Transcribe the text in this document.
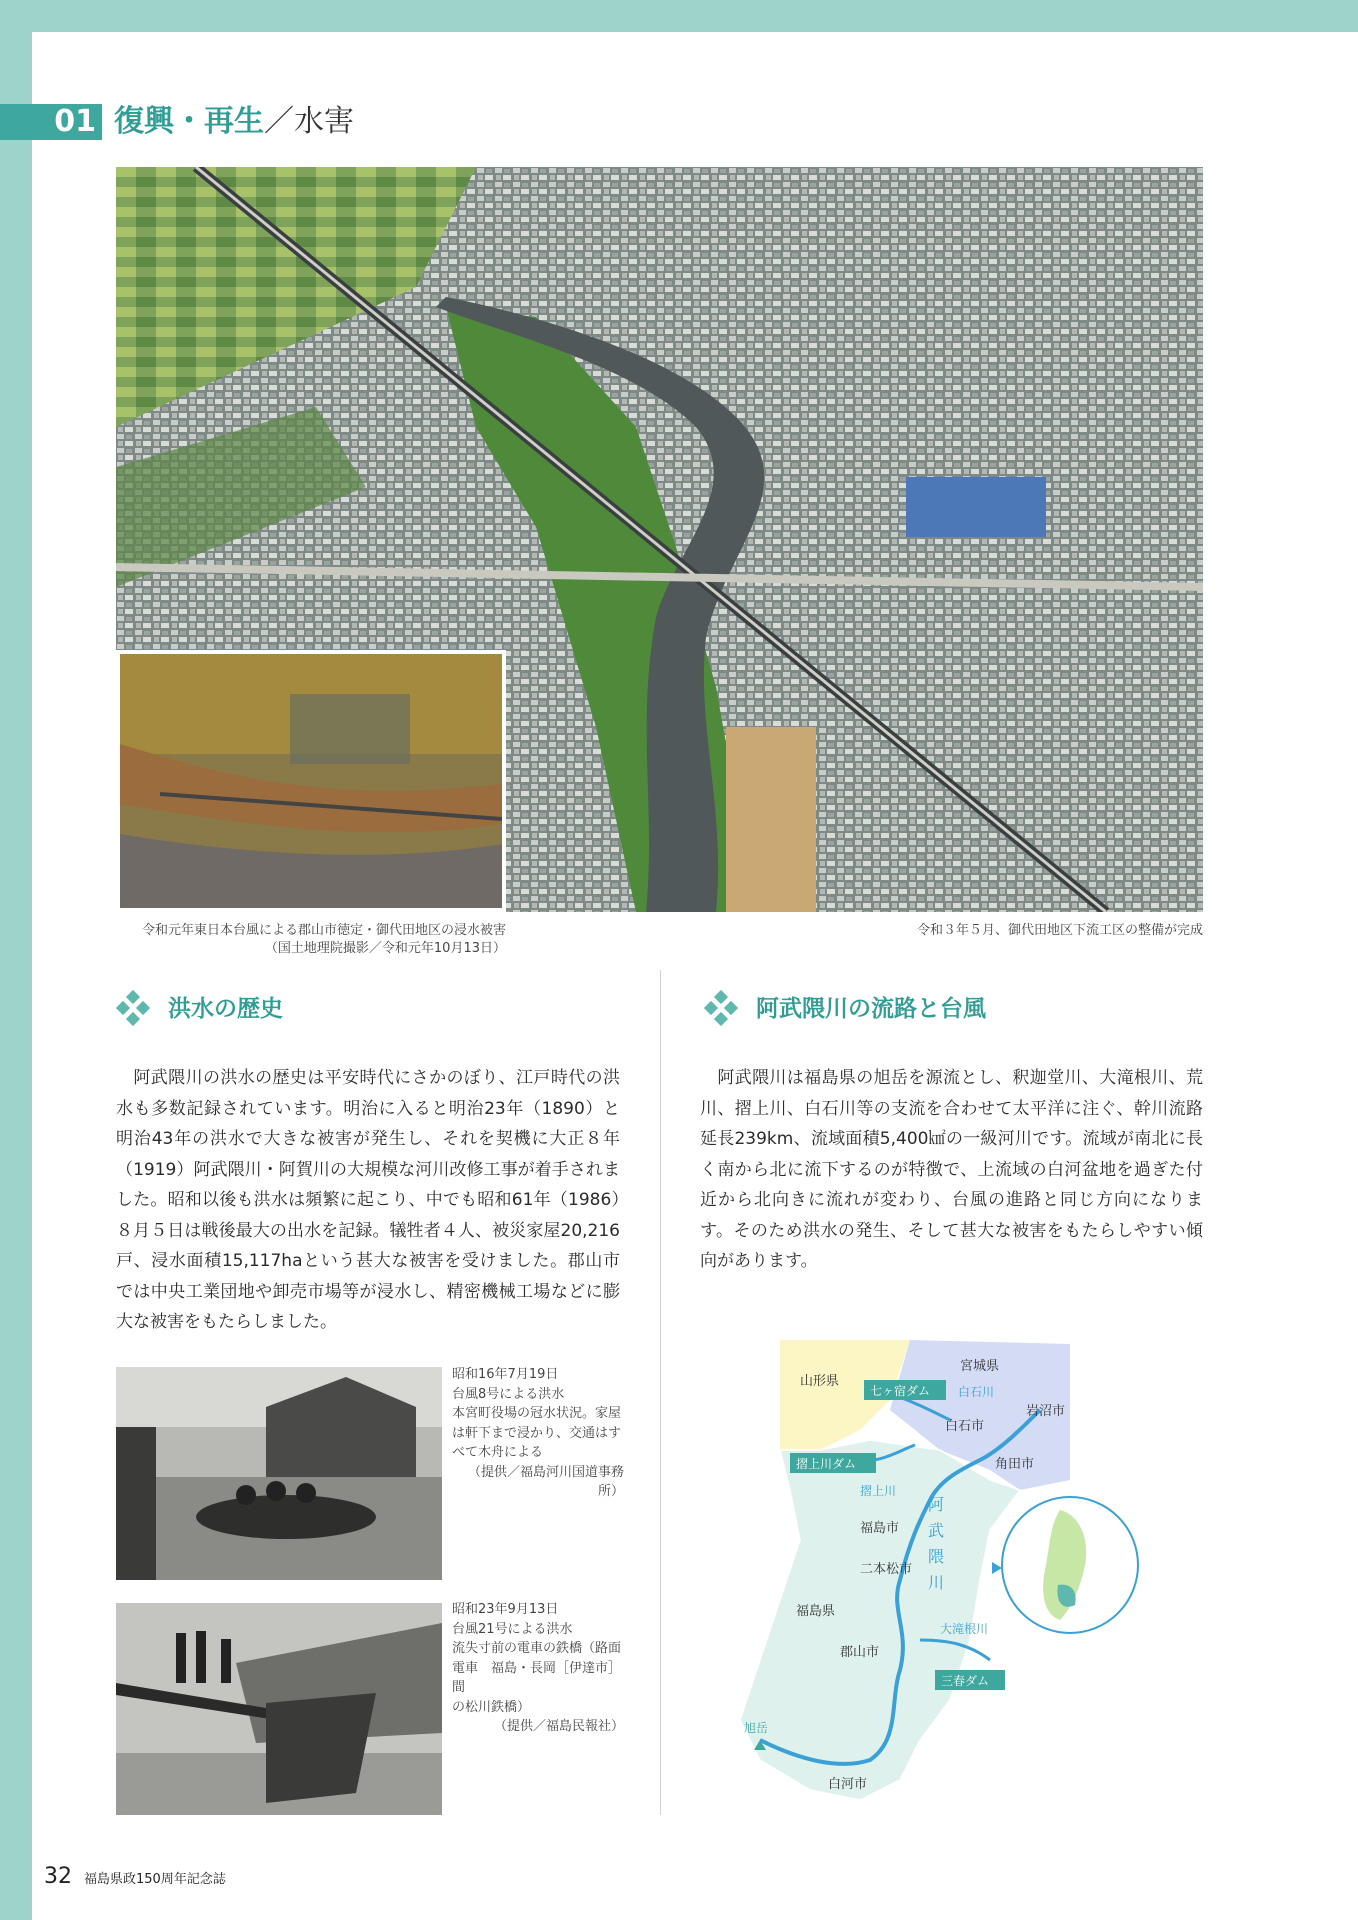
01 復興・再生／水害
令和元年東日本台風による郡山市徳定・御代田地区の浸水被害
（国土地理院撮影／令和元年10月13日）
令和３年５月、御代田地区下流工区の整備が完成
洪水の歴史
　阿武隈川の洪水の歴史は平安時代にさかのぼり、江戸時代の洪水も多数記録されています。明治に入ると明治23年（1890）と明治43年の洪水で大きな被害が発生し、それを契機に大正８年（1919）阿武隈川・阿賀川の大規模な河川改修工事が着手されました。昭和以後も洪水は頻繁に起こり、中でも昭和61年（1986）８月５日は戦後最大の出水を記録。犠牲者４人、被災家屋20,216戸、浸水面積15,117haという甚大な被害を受けました。郡山市では中央工業団地や卸売市場等が浸水し、精密機械工場などに膨大な被害をもたらしました。
阿武隈川の流路と台風
　阿武隈川は福島県の旭岳を源流とし、釈迦堂川、大滝根川、荒川、摺上川、白石川等の支流を合わせて太平洋に注ぐ、幹川流路延長239km、流域面積5,400㎢の一級河川です。流域が南北に長く南から北に流下するのが特徴で、上流域の白河盆地を過ぎた付近から北向きに流れが変わり、台風の進路と同じ方向になります。そのため洪水の発生、そして甚大な被害をもたらしやすい傾向があります。
昭和16年7月19日
台風8号による洪水
本宮町役場の冠水状況。家屋
は軒下まで浸かり、交通はす
べて木舟による
（提供／福島河川国道事務所）
昭和23年9月13日
台風21号による洪水
流失寸前の電車の鉄橋（路面
電車　福島・長岡［伊達市］間
の松川鉄橋）
（提供／福島民報社）
山形県
宮城県
福島県
七ヶ宿ダム
摺上川ダム
三春ダム
白石川
摺上川
大滝根川
阿
武
隈
川
白石市
岩沼市
角田市
福島市
二本松市
郡山市
白河市
旭岳
32 福島県政150周年記念誌
